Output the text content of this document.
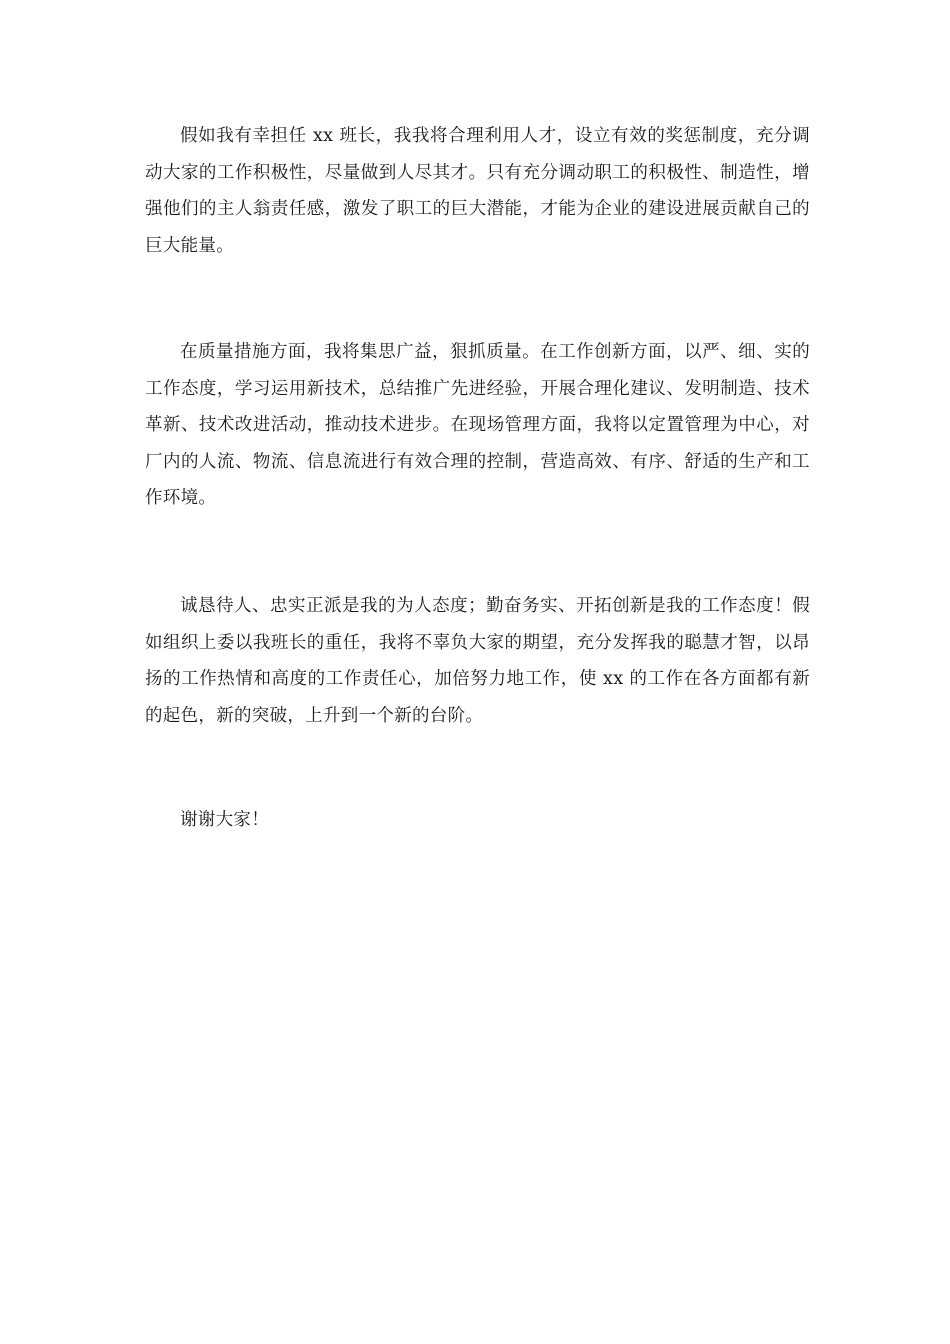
假如我有幸担任 xx 班长，我我将合理利用人才，设立有效的奖惩制度，充分调动大家的工作积极性，尽量做到人尽其才。只有充分调动职工的积极性、制造性，增强他们的主人翁责任感，激发了职工的巨大潜能，才能为企业的建设进展贡献自己的巨大能量。

在质量措施方面，我将集思广益，狠抓质量。在工作创新方面，以严、细、实的工作态度，学习运用新技术，总结推广先进经验，开展合理化建议、发明制造、技术革新、技术改进活动，推动技术进步。在现场管理方面，我将以定置管理为中心，对厂内的人流、物流、信息流进行有效合理的控制，营造高效、有序、舒适的生产和工作环境。

诚恳待人、忠实正派是我的为人态度；勤奋务实、开拓创新是我的工作态度！假如组织上委以我班长的重任，我将不辜负大家的期望，充分发挥我的聪慧才智，以昂扬的工作热情和高度的工作责任心，加倍努力地工作，使 xx 的工作在各方面都有新的起色，新的突破，上升到一个新的台阶。

谢谢大家！
